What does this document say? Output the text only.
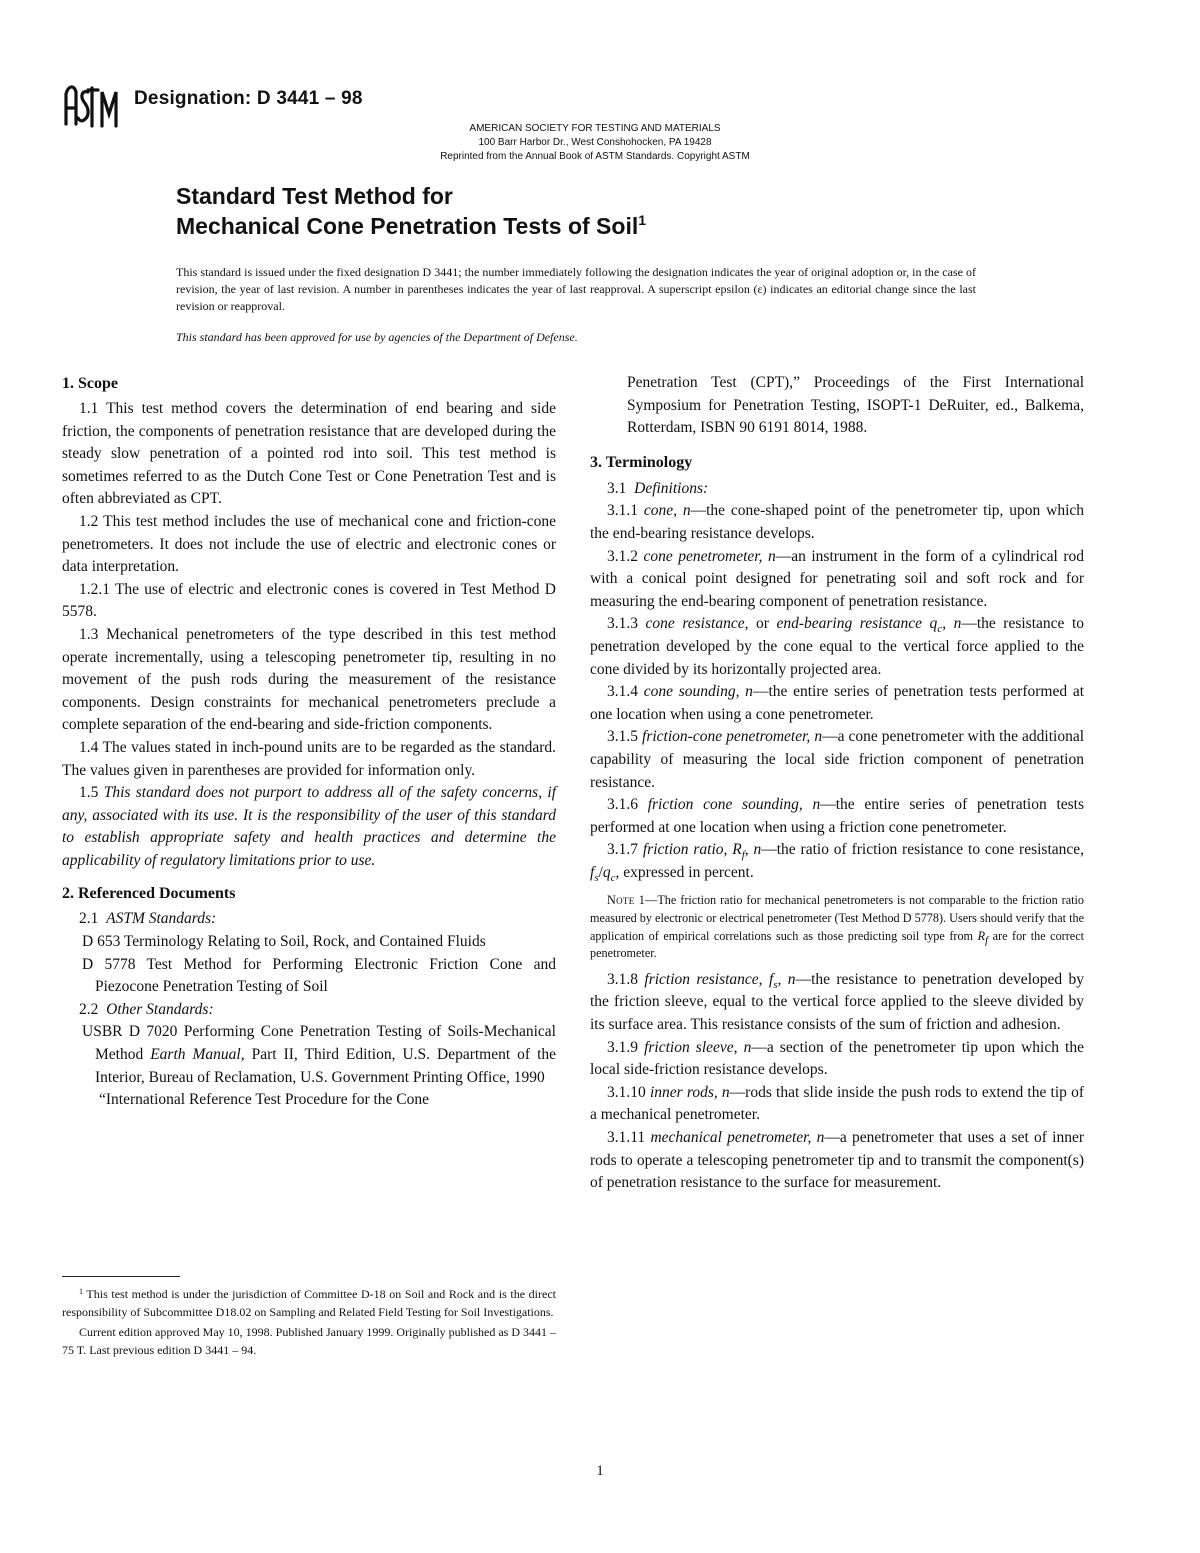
Designation: D 3441 – 98
AMERICAN SOCIETY FOR TESTING AND MATERIALS
100 Barr Harbor Dr., West Conshohocken, PA 19428
Reprinted from the Annual Book of ASTM Standards. Copyright ASTM
Standard Test Method for
Mechanical Cone Penetration Tests of Soil$^1$
This standard is issued under the fixed designation D 3441; the number immediately following the designation indicates the year of original adoption or, in the case of revision, the year of last revision. A number in parentheses indicates the year of last reapproval. A superscript epsilon (ε) indicates an editorial change since the last revision or reapproval.
This standard has been approved for use by agencies of the Department of Defense.
1. Scope

1.1 This test method covers the determination of end bearing and side friction, the components of penetration resistance that are developed during the steady slow penetration of a pointed rod into soil. This test method is sometimes referred to as the Dutch Cone Test or Cone Penetration Test and is often abbreviated as CPT.

1.2 This test method includes the use of mechanical cone and friction-cone penetrometers. It does not include the use of electric and electronic cones or data interpretation.

1.2.1 The use of electric and electronic cones is covered in Test Method D 5578.

1.3 Mechanical penetrometers of the type described in this test method operate incrementally, using a telescoping penetrometer tip, resulting in no movement of the push rods during the measurement of the resistance components. Design constraints for mechanical penetrometers preclude a complete separation of the end-bearing and side-friction components.

1.4 The values stated in inch-pound units are to be regarded as the standard. The values given in parentheses are provided for information only.

1.5 This standard does not purport to address all of the safety concerns, if any, associated with its use. It is the responsibility of the user of this standard to establish appropriate safety and health practices and determine the applicability of regulatory limitations prior to use.

2. Referenced Documents

2.1 ASTM Standards:

D 653 Terminology Relating to Soil, Rock, and Contained Fluids

D 5778 Test Method for Performing Electronic Friction Cone and Piezocone Penetration Testing of Soil

2.2 Other Standards:

USBR D 7020 Performing Cone Penetration Testing of Soils-Mechanical Method Earth Manual, Part II, Third Edition, U.S. Department of the Interior, Bureau of Reclamation, U.S. Government Printing Office, 1990

“International Reference Test Procedure for the Cone

Penetration Test (CPT),” Proceedings of the First International Symposium for Penetration Testing, ISOPT-1 DeRuiter, ed., Balkema, Rotterdam, ISBN 90 6191 8014, 1988.

3. Terminology

3.1 Definitions:

3.1.1 cone, n—the cone-shaped point of the penetrometer tip, upon which the end-bearing resistance develops.

3.1.2 cone penetrometer, n—an instrument in the form of a cylindrical rod with a conical point designed for penetrating soil and soft rock and for measuring the end-bearing component of penetration resistance.

3.1.3 cone resistance, or end-bearing resistance $q_c$, n—the resistance to penetration developed by the cone equal to the vertical force applied to the cone divided by its horizontally projected area.

3.1.4 cone sounding, n—the entire series of penetration tests performed at one location when using a cone penetrometer.

3.1.5 friction-cone penetrometer, n—a cone penetrometer with the additional capability of measuring the local side friction component of penetration resistance.

3.1.6 friction cone sounding, n—the entire series of penetration tests performed at one location when using a friction cone penetrometer.

3.1.7 friction ratio, $R_f$, n—the ratio of friction resistance to cone resistance, $f_s/q_c$, expressed in percent.

Note 1—The friction ratio for mechanical penetrometers is not comparable to the friction ratio measured by electronic or electrical penetrometer (Test Method D 5778). Users should verify that the application of empirical correlations such as those predicting soil type from $R_f$ are for the correct penetrometer.

3.1.8 friction resistance, $f_s$, n—the resistance to penetration developed by the friction sleeve, equal to the vertical force applied to the sleeve divided by its surface area. This resistance consists of the sum of friction and adhesion.

3.1.9 friction sleeve, n—a section of the penetrometer tip upon which the local side-friction resistance develops.

3.1.10 inner rods, n—rods that slide inside the push rods to extend the tip of a mechanical penetrometer.

3.1.11 mechanical penetrometer, n—a penetrometer that uses a set of inner rods to operate a telescoping penetrometer tip and to transmit the component(s) of penetration resistance to the surface for measurement.

$^1$ This test method is under the jurisdiction of Committee D-18 on Soil and Rock and is the direct responsibility of Subcommittee D18.02 on Sampling and Related Field Testing for Soil Investigations.

Current edition approved May 10, 1998. Published January 1999. Originally published as D 3441 – 75 T. Last previous edition D 3441 – 94.

1
